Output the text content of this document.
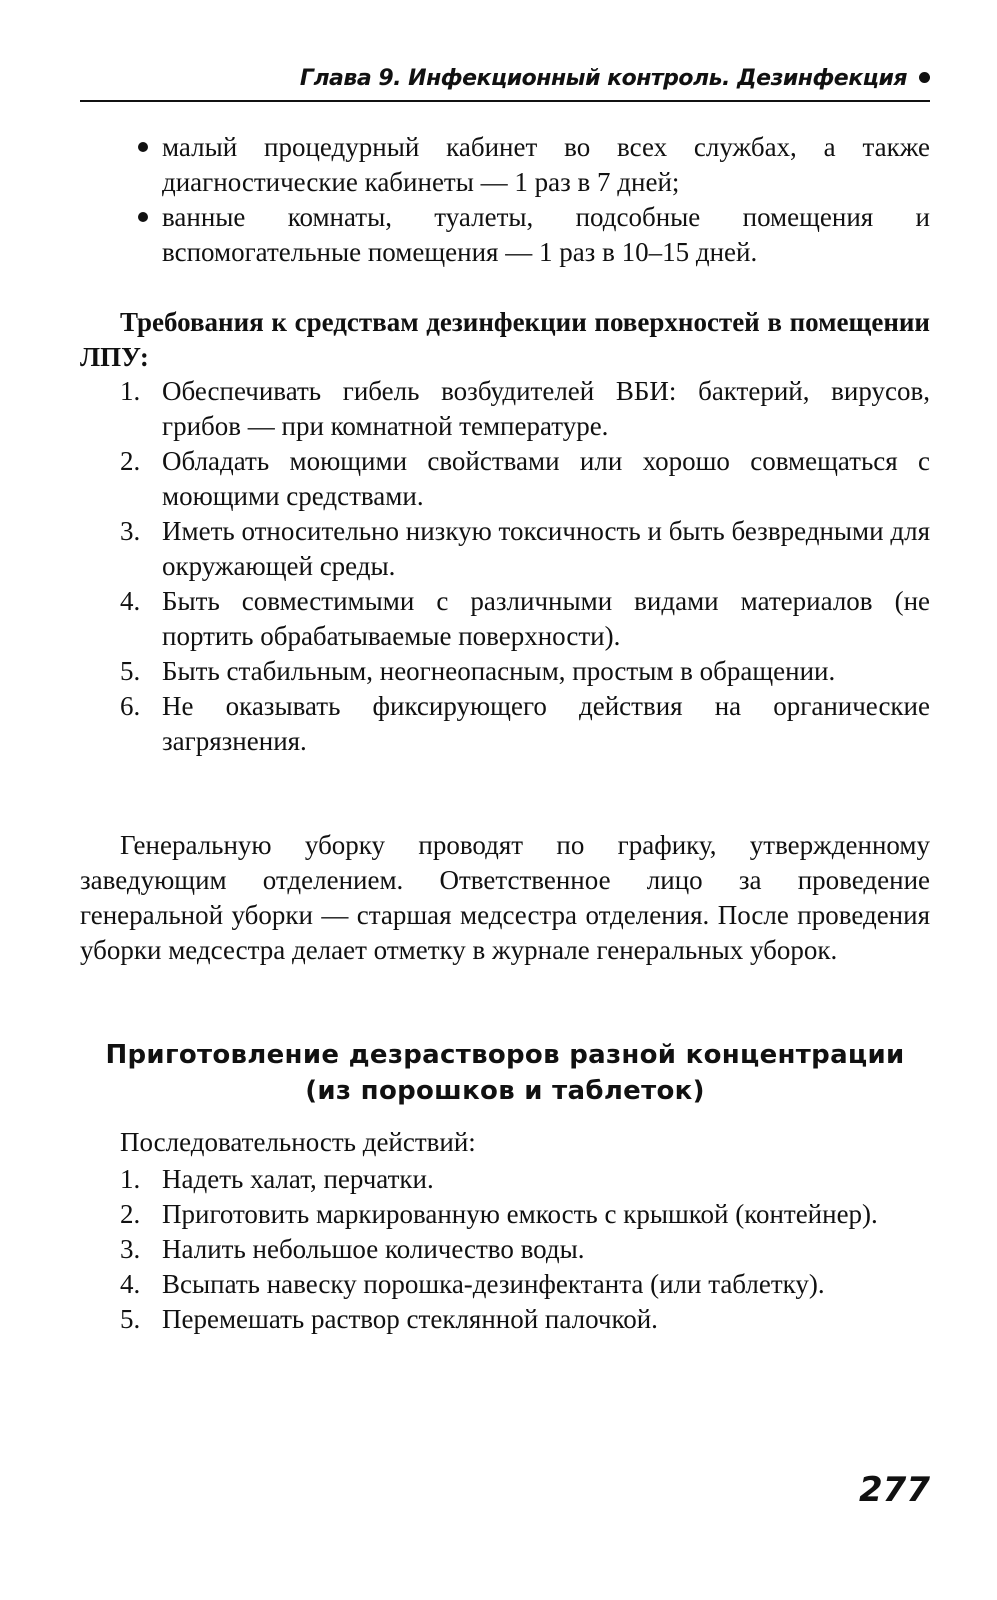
Глава 9. Инфекционный контроль. Дезинфекция
малый процедурный кабинет во всех службах, а также диагностические кабинеты — 1 раз в 7 дней;
ванные комнаты, туалеты, подсобные помещения и вспомогательные помещения — 1 раз в 10–15 дней.
Требования к средствам дезинфекции поверхностей в помещении ЛПУ:
1. Обеспечивать гибель возбудителей ВБИ: бактерий, вирусов, грибов — при комнатной температуре.
2. Обладать моющими свойствами или хорошо совмещаться с моющими средствами.
3. Иметь относительно низкую токсичность и быть безвредными для окружающей среды.
4. Быть совместимыми с различными видами материалов (не портить обрабатываемые поверхности).
5. Быть стабильным, неогнеопасным, простым в обращении.
6. Не оказывать фиксирующего действия на органические загрязнения.
Генеральную уборку проводят по графику, утвержденному заведующим отделением. Ответственное лицо за проведение генеральной уборки — старшая медсестра отделения. После проведения уборки медсестра делает отметку в журнале генеральных уборок.
Приготовление дезрастворов разной концентрации
(из порошков и таблеток)
Последовательность действий:
1. Надеть халат, перчатки.
2. Приготовить маркированную емкость с крышкой (контейнер).
3. Налить небольшое количество воды.
4. Всыпать навеску порошка-дезинфектанта (или таблетку).
5. Перемешать раствор стеклянной палочкой.
277
